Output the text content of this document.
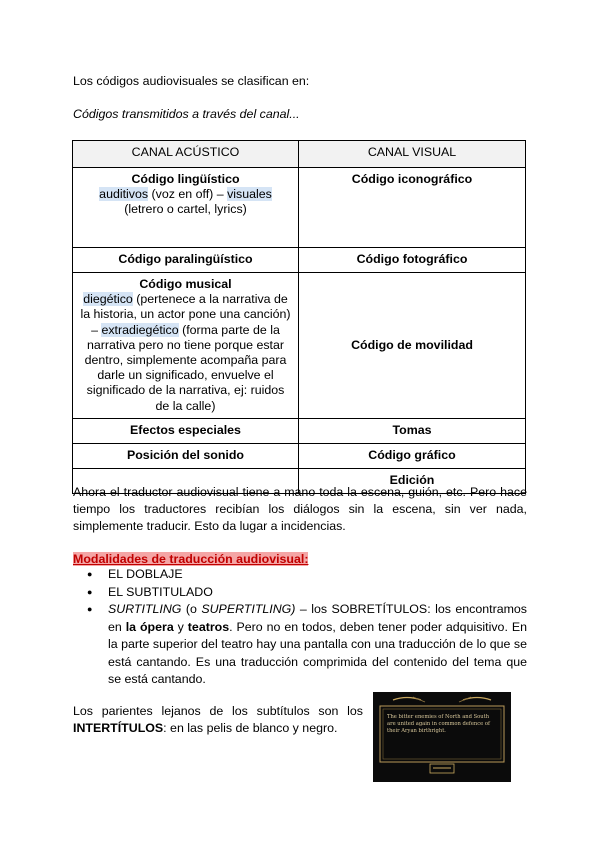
Los códigos audiovisuales se clasifican en:
Códigos transmitidos a través del canal...
CANAL ACÚSTICO	CANAL VISUAL

Código lingüístico
auditivos (voz en off) – visuales
(letrero o cartel, lyrics)	Código iconográfico
Código paralingüístico	Código fotográfico

Código musical
diegético (pertenece a la narrativa de la historia, un actor pone una canción) – extradiegético (forma parte de la narrativa pero no tiene porque estar dentro, simplemente acompaña para darle un significado, envuelve el significado de la narrativa, ej: ruidos de la calle)	Código de movilidad
Efectos especiales	Tomas
Posición del sonido	Código gráfico
	Edición
Ahora el traductor audiovisual tiene a mano toda la escena, guión, etc. Pero hace tiempo los traductores recibían los diálogos sin la escena, sin ver nada, simplemente traducir. Esto da lugar a incidencias.
Modalidades de traducción audiovisual:
● EL DOBLAJE
● EL SUBTITULADO
● SURTITLING (o SUPERTITLING) – los SOBRETÍTULOS: los encontramos en la ópera y teatros. Pero no en todos, deben tener poder adquisitivo. En la parte superior del teatro hay una pantalla con una traducción de lo que se está cantando. Es una traducción comprimida del contenido del tema que se está cantando.
Los parientes lejanos de los subtítulos son los INTERTÍTULOS: en las pelis de blanco y negro.
The bitter enemies of North and South are united again in common defence of their Aryan birthright.
